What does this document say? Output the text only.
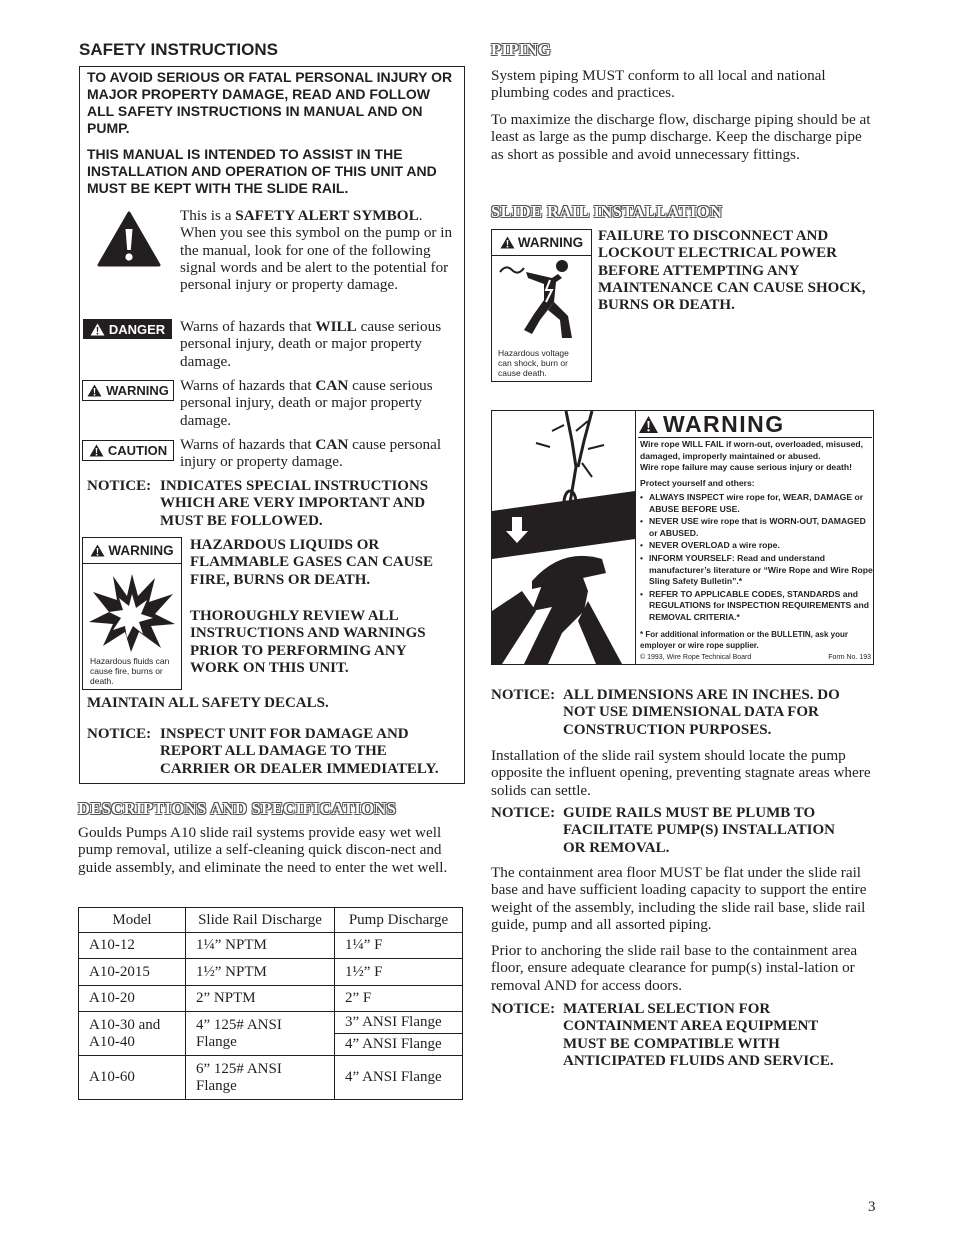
SAFETY INSTRUCTIONS

TO AVOID SERIOUS OR FATAL PERSONAL INJURY OR MAJOR PROPERTY DAMAGE, READ AND FOLLOW ALL SAFETY INSTRUCTIONS IN MANUAL AND ON PUMP.

THIS MANUAL IS INTENDED TO ASSIST IN THE INSTALLATION AND OPERATION OF THIS UNIT AND MUST BE KEPT WITH THE SLIDE RAIL.

This is a SAFETY ALERT SYMBOL. When you see this symbol on the pump or in the manual, look for one of the following signal words and be alert to the potential for personal injury or property damage.

DANGER Warns of hazards that WILL cause serious personal injury, death or major property damage.

WARNING Warns of hazards that CAN cause serious personal injury, death or major property damage.

CAUTION Warns of hazards that CAN cause personal injury or property damage.

NOTICE: INDICATES SPECIAL INSTRUCTIONS WHICH ARE VERY IMPORTANT AND MUST BE FOLLOWED.
WARNING
Hazardous fluids can cause fire, burns or death.

HAZARDOUS LIQUIDS OR FLAMMABLE GASES CAN CAUSE FIRE, BURNS OR DEATH.

THOROUGHLY REVIEW ALL INSTRUCTIONS AND WARNINGS PRIOR TO PERFORMING ANY WORK ON THIS UNIT.

MAINTAIN ALL SAFETY DECALS.

NOTICE: INSPECT UNIT FOR DAMAGE AND REPORT ALL DAMAGE TO THE CARRIER OR DEALER IMMEDIATELY.
DESCRIPTIONS AND SPECIFICATIONS

Goulds Pumps A10 slide rail systems provide easy wet well pump removal, utilize a self-cleaning quick discon-nect and guide assembly, and eliminate the need to enter the wet well.

Model	Slide Rail Discharge	Pump Discharge
A10-12	1¼” NPTM	1¼” F
A10-2015	1½” NPTM	1½” F
A10-20	2” NPTM	2” F
A10-30 and A10-40	4” 125# ANSI Flange	3” ANSI Flange
		4” ANSI Flange
A10-60	6” 125# ANSI Flange	4” ANSI Flange
PIPING

System piping MUST conform to all local and national plumbing codes and practices.

To maximize the discharge flow, discharge piping should be at least as large as the pump discharge. Keep the discharge pipe as short as possible and avoid unnecessary fittings.

SLIDE RAIL INSTALLATION
WARNING
Hazardous voltage can shock, burn or cause death.

FAILURE TO DISCONNECT AND LOCKOUT ELECTRICAL POWER BEFORE ATTEMPTING ANY MAINTENANCE CAN CAUSE SHOCK, BURNS OR DEATH.

WARNING
Wire rope WILL FAIL if worn-out, overloaded, misused, damaged, improperly maintained or abused.
Wire rope failure may cause serious injury or death!
Protect yourself and others:
• ALWAYS INSPECT wire rope for, WEAR, DAMAGE or ABUSE BEFORE USE.
• NEVER USE wire rope that is WORN-OUT, DAMAGED or ABUSED.
• NEVER OVERLOAD a wire rope.
• INFORM YOURSELF: Read and understand manufacturer’s literature or “Wire Rope and Wire Rope Sling Safety Bulletin”.*
• REFER TO APPLICABLE CODES, STANDARDS and REGULATIONS for INSPECTION REQUIREMENTS and REMOVAL CRITERIA.*
* For additional information or the BULLETIN, ask your employer or wire rope supplier.
© 1993, Wire Rope Technical Board	Form No. 193
NOTICE: ALL DIMENSIONS ARE IN INCHES. DO NOT USE DIMENSIONAL DATA FOR CONSTRUCTION PURPOSES.

Installation of the slide rail system should locate the pump opposite the influent opening, preventing stagnate areas where solids can settle.

NOTICE: GUIDE RAILS MUST BE PLUMB TO FACILITATE PUMP(S) INSTALLATION OR REMOVAL.

The containment area floor MUST be flat under the slide rail base and have sufficient loading capacity to support the entire weight of the assembly, including the slide rail base, slide rail guide, pump and all assorted piping.

Prior to anchoring the slide rail base to the containment area floor, ensure adequate clearance for pump(s) instal-lation or removal AND for access doors.

NOTICE: MATERIAL SELECTION FOR CONTAINMENT AREA EQUIPMENT MUST BE COMPATIBLE WITH ANTICIPATED FLUIDS AND SERVICE.
3
